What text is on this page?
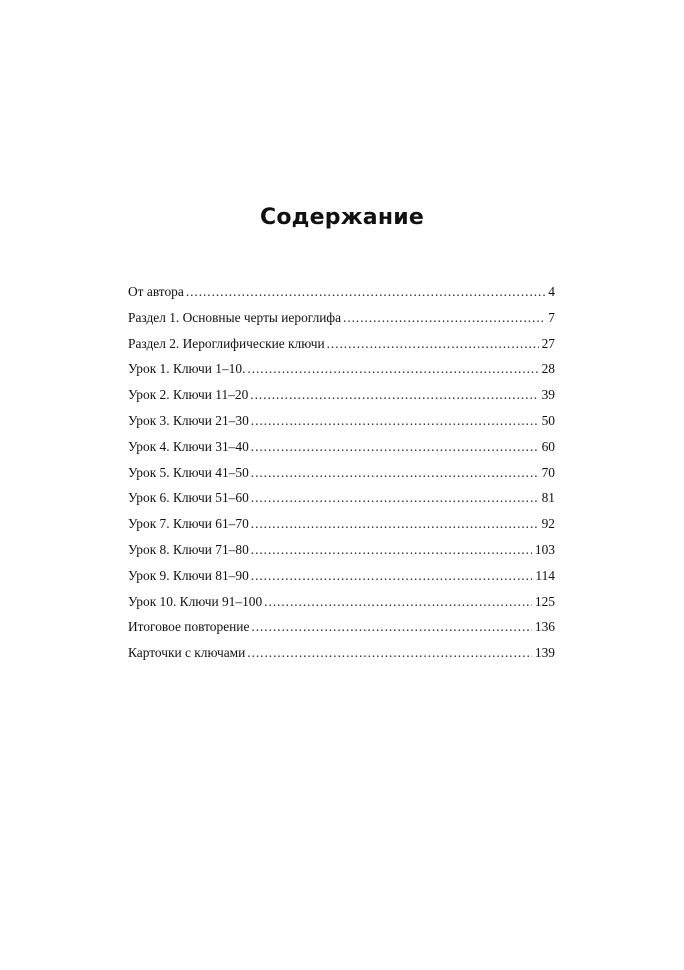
Содержание
От автора . . .	4
Раздел 1. Основные черты иероглифа . . .	7
Раздел 2. Иероглифические ключи . . .	27
Урок 1. Ключи 1–10. . . .	28
Урок 2. Ключи 11–20 . . .	39
Урок 3. Ключи 21–30 . . .	50
Урок 4. Ключи 31–40 . . .	60
Урок 5. Ключи 41–50 . . .	70
Урок 6. Ключи 51–60 . . .	81
Урок 7. Ключи 61–70 . . .	92
Урок 8. Ключи 71–80 . . .	103
Урок 9. Ключи 81–90 . . .	114
Урок 10. Ключи 91–100 . . .	125
Итоговое повторение . . .	136
Карточки с ключами . . .	139
